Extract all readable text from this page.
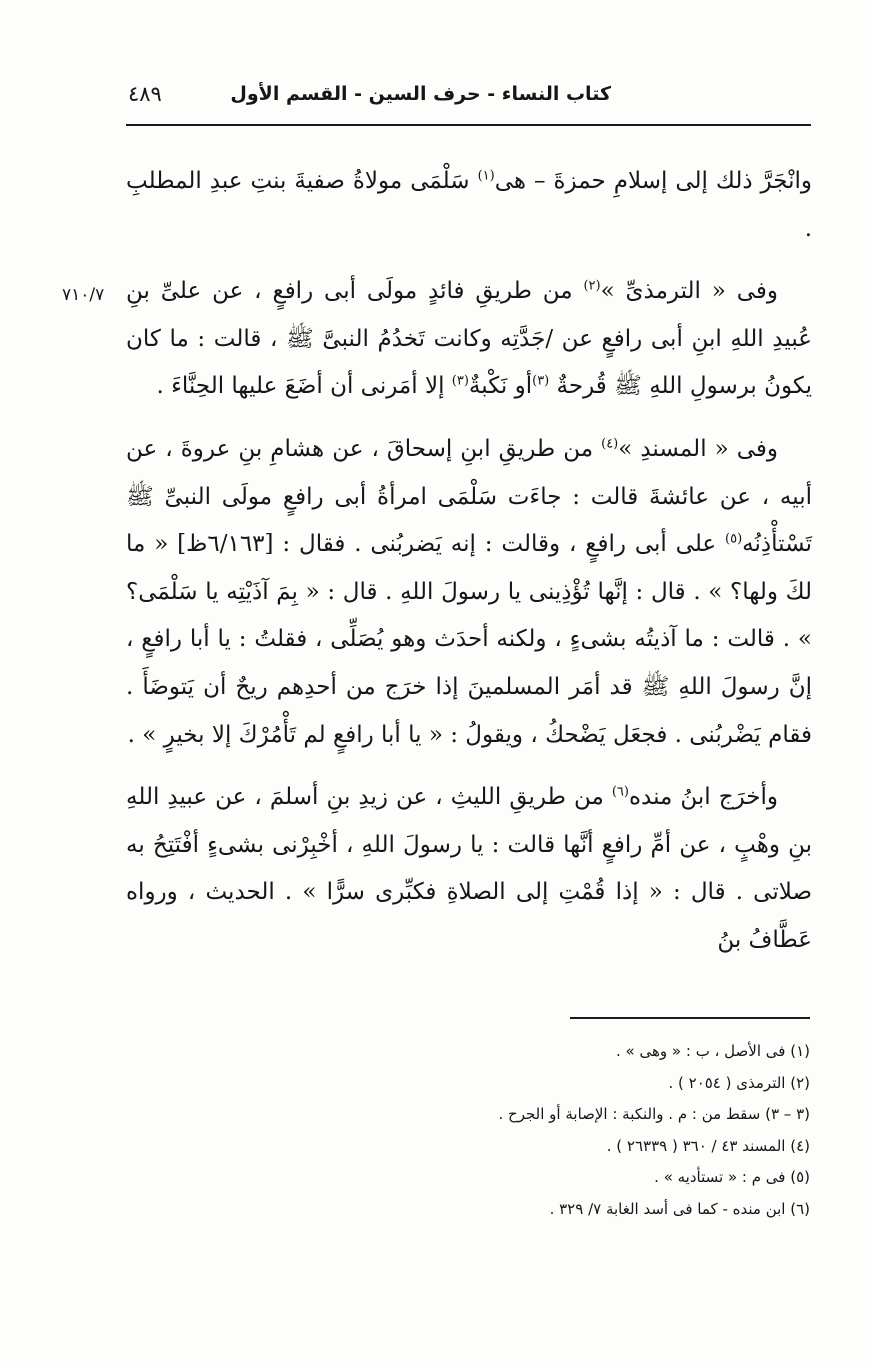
٤٨٩	كتاب النساء - حرف السين - القسم الأول
٧١٠/٧

وانْجَرَّ ذلك إلى إسلامِ حمزةَ – هى$^{(١)}$ سَلْمَى مولاةُ صفيةَ بنتِ عبدِ المطلبِ .

وفى « الترمذىِّ »$^{(٢)}$ من طريقِ فائدٍ مولَى أبى رافعٍ ، عن علىِّ بنِ عُبيدِ اللهِ ابنِ أبى رافعٍ عن /جَدَّتِه وكانت تَخدُمُ النبىَّ ﷺ ، قالت : ما كان يكونُ برسولِ اللهِ ﷺ قُرحةٌ $^{(٣)}$أو نَكْبةٌ$^{(٣)}$ إلا أمَرنى أن أضَعَ عليها الحِنَّاءَ .

وفى « المسندِ »$^{(٤)}$ من طريقِ ابنِ إسحاقَ ، عن هشامِ بنِ عروةَ ، عن أبيه ، عن عائشةَ قالت : جاءَت سَلْمَى امرأةُ أبى رافعٍ مولَى النبىِّ ﷺ تَسْتأْذِنُه$^{(٥)}$ على أبى رافعٍ ، وقالت : إنه يَضربُنى . فقال : [٦/١٦٣ظ] « ما لكَ ولها؟ » . قال : إنَّها تُؤْذِينى يا رسولَ اللهِ . قال : « بِمَ آذَيْتِه يا سَلْمَى؟ » . قالت : ما آذيتُه بشىءٍ ، ولكنه أحدَث وهو يُصَلِّى ، فقلتُ : يا أبا رافعٍ ، إنَّ رسولَ اللهِ ﷺ قد أمَر المسلمينَ إذا خرَج من أحدِهم ريحٌ أن يَتوضَأَ . فقام يَضْربُنى . فجعَل يَضْحكُ ، ويقولُ : « يا أبا رافعٍ لم تَأْمُرْكَ إلا بخيرٍ » .

وأخرَج ابنُ منده$^{(٦)}$ من طريقِ الليثِ ، عن زيدِ بنِ أسلمَ ، عن عبيدِ اللهِ بنِ وهْبٍ ، عن أمِّ رافعٍ أنَّها قالت : يا رسولَ اللهِ ، أخْبِرْنى بشىءٍ أفْتَتِحُ به صلاتى . قال : « إذا قُمْتِ إلى الصلاةِ فكبِّرى سرًّا » . الحديث ، ورواه عَطَّافُ بنُ

(١) فى الأصل ، ب : « وهى » .
(٢) الترمذى ( ٢٠٥٤ ) .
(٣ – ٣) سقط من : م . والنكبة : الإصابة أو الجرح .
(٤) المسند ٤٣ / ٣٦٠ ( ٢٦٣٣٩ ) .
(٥) فى م : « تستأديه » .
(٦) ابن منده - كما فى أسد الغابة ٧/ ٣٢٩ .
